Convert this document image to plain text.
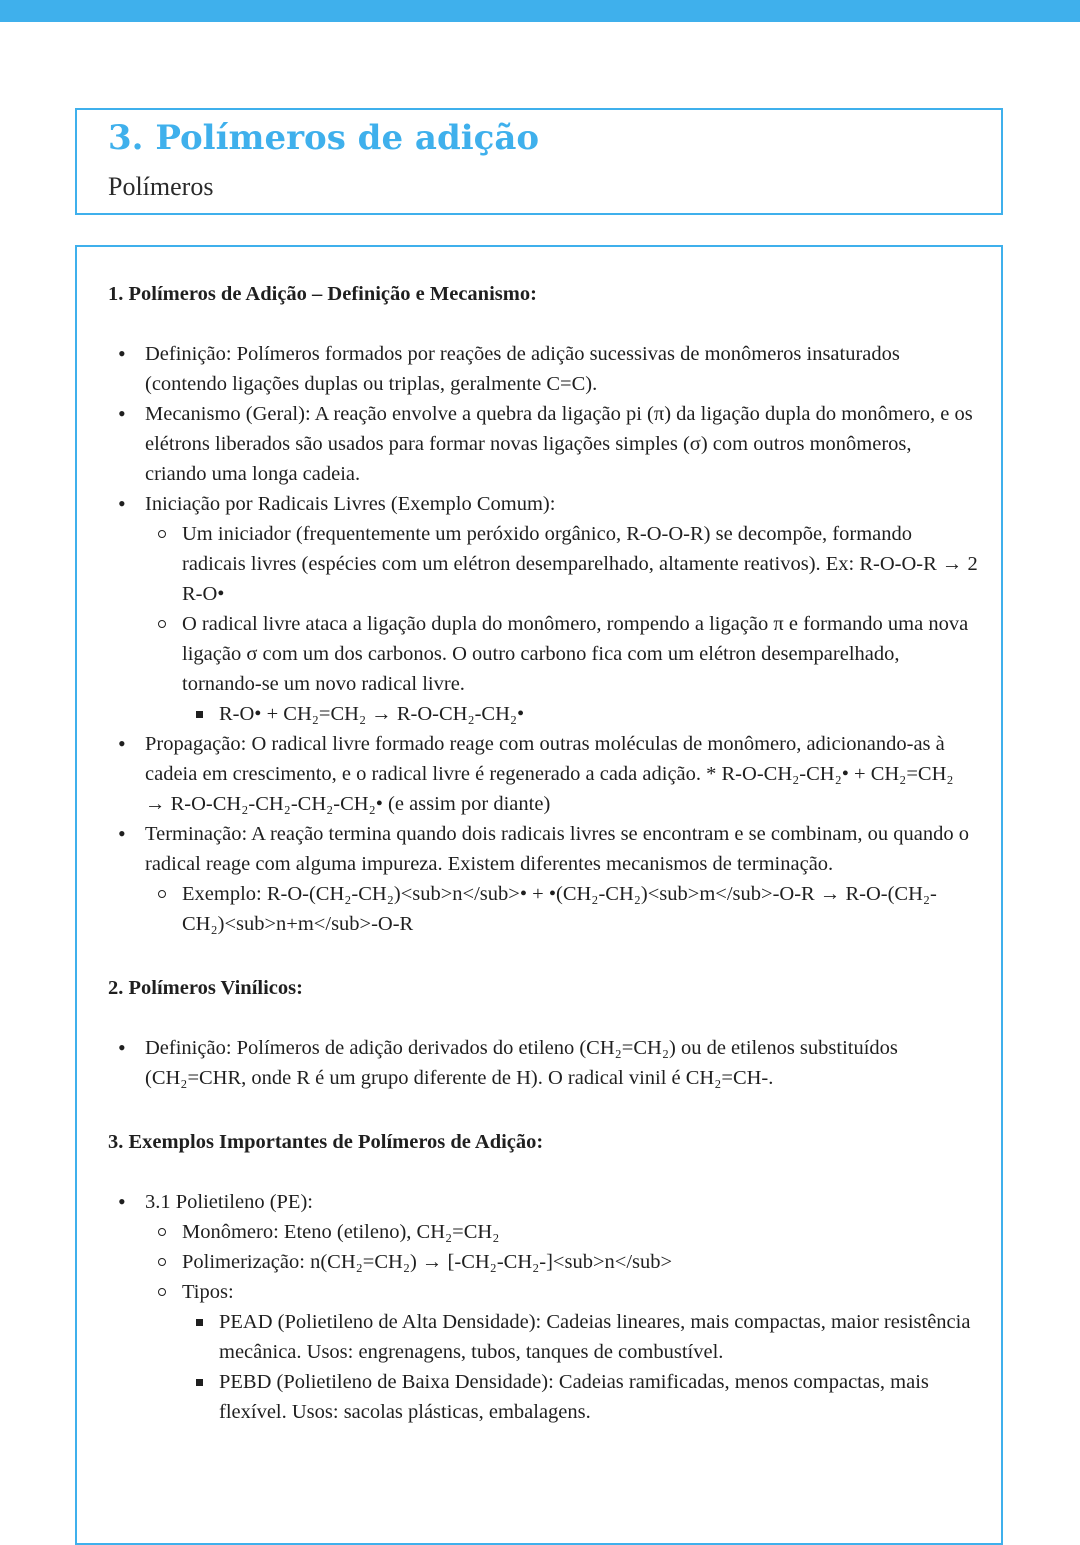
3. Polímeros de adição
Polímeros
1. Polímeros de Adição – Definição e Mecanismo:
• Definição: Polímeros formados por reações de adição sucessivas de monômeros insaturados (contendo ligações duplas ou triplas, geralmente C=C).
• Mecanismo (Geral): A reação envolve a quebra da ligação pi (π) da ligação dupla do monômero, e os elétrons liberados são usados para formar novas ligações simples (σ) com outros monômeros, criando uma longa cadeia.
• Iniciação por Radicais Livres (Exemplo Comum):
Um iniciador (frequentemente um peróxido orgânico, R-O-O-R) se decompõe, formando radicais livres (espécies com um elétron desemparelhado, altamente reativos). Ex: R-O-O-R → 2 R-O•
O radical livre ataca a ligação dupla do monômero, rompendo a ligação π e formando uma nova ligação σ com um dos carbonos. O outro carbono fica com um elétron desemparelhado, tornando-se um novo radical livre.
R-O• + CH₂=CH₂ → R-O-CH₂-CH₂•
• Propagação: O radical livre formado reage com outras moléculas de monômero, adicionando-as à cadeia em crescimento, e o radical livre é regenerado a cada adição. * R-O-CH₂-CH₂• + CH₂=CH₂ → R-O-CH₂-CH₂-CH₂-CH₂• (e assim por diante)
• Terminação: A reação termina quando dois radicais livres se encontram e se combinam, ou quando o radical reage com alguma impureza. Existem diferentes mecanismos de terminação.
Exemplo: R-O-(CH₂-CH₂)<sub>n</sub>• + •(CH₂-CH₂)<sub>m</sub>-O-R → R-O-(CH₂-CH₂)<sub>n+m</sub>-O-R
2. Polímeros Vinílicos:
• Definição: Polímeros de adição derivados do etileno (CH₂=CH₂) ou de etilenos substituídos (CH₂=CHR, onde R é um grupo diferente de H). O radical vinil é CH₂=CH-.
3. Exemplos Importantes de Polímeros de Adição:
• 3.1 Polietileno (PE):
Monômero: Eteno (etileno), CH₂=CH₂
Polimerização: n(CH₂=CH₂) → [-CH₂-CH₂-]<sub>n</sub>
Tipos:
PEAD (Polietileno de Alta Densidade): Cadeias lineares, mais compactas, maior resistência mecânica. Usos: engrenagens, tubos, tanques de combustível.
PEBD (Polietileno de Baixa Densidade): Cadeias ramificadas, menos compactas, mais flexível. Usos: sacolas plásticas, embalagens.
